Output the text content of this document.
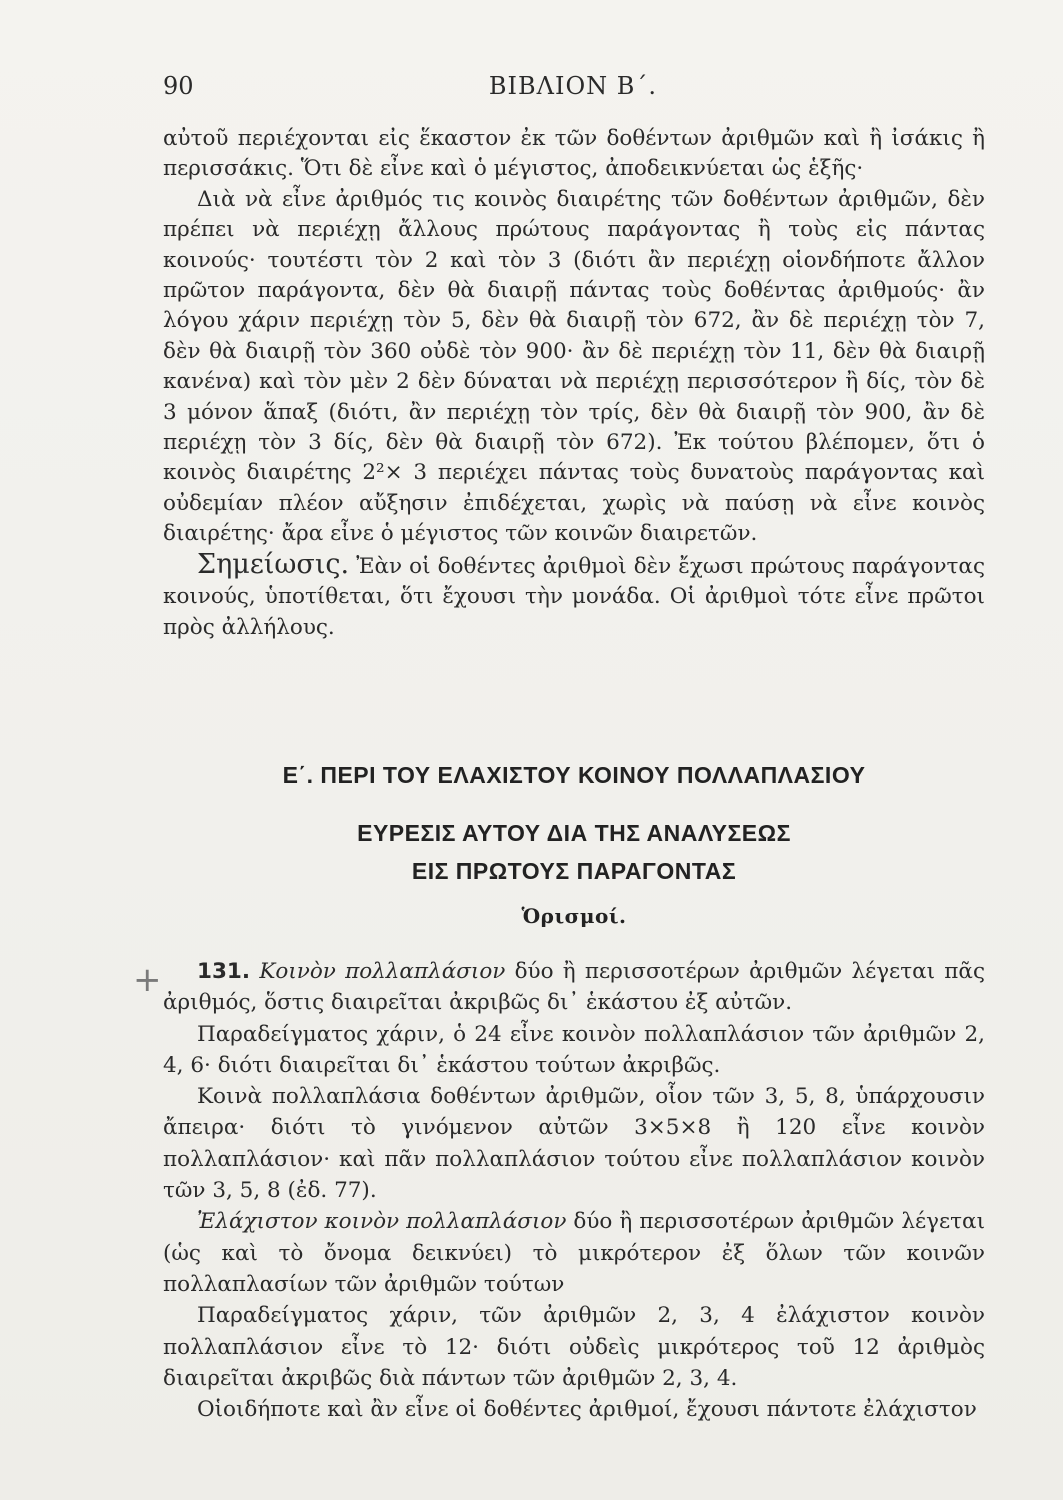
90	ΒΙΒΛΙΟΝ Β΄.

αὐτοῦ περιέχονται εἰς ἕκαστον ἐκ τῶν δοθέντων ἀριθμῶν καὶ ἢ ἰσάκις ἢ περισσάκις. Ὅτι δὲ εἶνε καὶ ὁ μέγιστος, ἀποδεικνύεται ὡς ἑξῆς·

Διὰ νὰ εἶνε ἀριθμός τις κοινὸς διαιρέτης τῶν δοθέντων ἀριθμῶν, δὲν πρέπει νὰ περιέχῃ ἄλλους πρώτους παράγοντας ἢ τοὺς εἰς πάντας κοινούς· τουτέστι τὸν 2 καὶ τὸν 3 (διότι ἂν περιέχῃ οἱονδήποτε ἄλλον πρῶτον παράγοντα, δὲν θὰ διαιρῇ πάντας τοὺς δοθέντας ἀριθμούς· ἂν λόγου χάριν περιέχῃ τὸν 5, δὲν θὰ διαιρῇ τὸν 672, ἂν δὲ περιέχῃ τὸν 7, δὲν θὰ διαιρῇ τὸν 360 οὐδὲ τὸν 900· ἂν δὲ περιέχῃ τὸν 11, δὲν θὰ διαιρῇ κανένα) καὶ τὸν μὲν 2 δὲν δύναται νὰ περιέχῃ περισσότερον ἢ δίς, τὸν δὲ 3 μόνον ἅπαξ (διότι, ἂν περιέχῃ τὸν τρίς, δὲν θὰ διαιρῇ τὸν 900, ἂν δὲ περιέχῃ τὸν 3 δίς, δὲν θὰ διαιρῇ τὸν 672). Ἐκ τούτου βλέπομεν, ὅτι ὁ κοινὸς διαιρέτης 2²× 3 περιέχει πάντας τοὺς δυνατοὺς παράγοντας καὶ οὐδεμίαν πλέον αὔξησιν ἐπιδέχεται, χωρὶς νὰ παύσῃ νὰ εἶνε κοινὸς διαιρέτης· ἄρα εἶνε ὁ μέγιστος τῶν κοινῶν διαιρετῶν.

Σημείωσις. Ἐὰν οἱ δοθέντες ἀριθμοὶ δὲν ἔχωσι πρώτους παράγοντας κοινούς, ὑποτίθεται, ὅτι ἔχουσι τὴν μονάδα. Οἱ ἀριθμοὶ τότε εἶνε πρῶτοι πρὸς ἀλλήλους.

Ε΄. ΠΕΡΙ ΤΟΥ ΕΛΑΧΙΣΤΟΥ ΚΟΙΝΟΥ ΠΟΛΛΑΠΛΑΣΙΟΥ
ΕΥΡΕΣΙΣ ΑΥΤΟΥ ΔΙΑ ΤΗΣ ΑΝΑΛΥΣΕΩΣ
ΕΙΣ ΠΡΩΤΟΥΣ ΠΑΡΑΓΟΝΤΑΣ
Ὁρισμοί.
+	131. Κοινὸν πολλαπλάσιον δύο ἢ περισσοτέρων ἀριθμῶν λέγεται πᾶς ἀριθμός, ὅστις διαιρεῖται ἀκριβῶς δι᾽ ἑκάστου ἐξ αὐτῶν.

Παραδείγματος χάριν, ὁ 24 εἶνε κοινὸν πολλαπλάσιον τῶν ἀριθμῶν 2, 4, 6· διότι διαιρεῖται δι᾽ ἑκάστου τούτων ἀκριβῶς.

Κοινὰ πολλαπλάσια δοθέντων ἀριθμῶν, οἷον τῶν 3, 5, 8, ὑπάρχουσιν ἄπειρα· διότι τὸ γινόμενον αὐτῶν 3×5×8 ἢ 120 εἶνε κοινὸν πολλαπλάσιον· καὶ πᾶν πολλαπλάσιον τούτου εἶνε πολλαπλάσιον κοινὸν τῶν 3, 5, 8 (ἐδ. 77).

Ἐλάχιστον κοινὸν πολλαπλάσιον δύο ἢ περισσοτέρων ἀριθμῶν λέγεται (ὡς καὶ τὸ ὄνομα δεικνύει) τὸ μικρότερον ἐξ ὅλων τῶν κοινῶν πολλαπλασίων τῶν ἀριθμῶν τούτων

Παραδείγματος χάριν, τῶν ἀριθμῶν 2, 3, 4 ἐλάχιστον κοινὸν πολλαπλάσιον εἶνε τὸ 12· διότι οὐδεὶς μικρότερος τοῦ 12 ἀριθμὸς διαιρεῖται ἀκριβῶς διὰ πάντων τῶν ἀριθμῶν 2, 3, 4.

Οἱοιδήποτε καὶ ἂν εἶνε οἱ δοθέντες ἀριθμοί, ἔχουσι πάντοτε ἐλάχιστον
